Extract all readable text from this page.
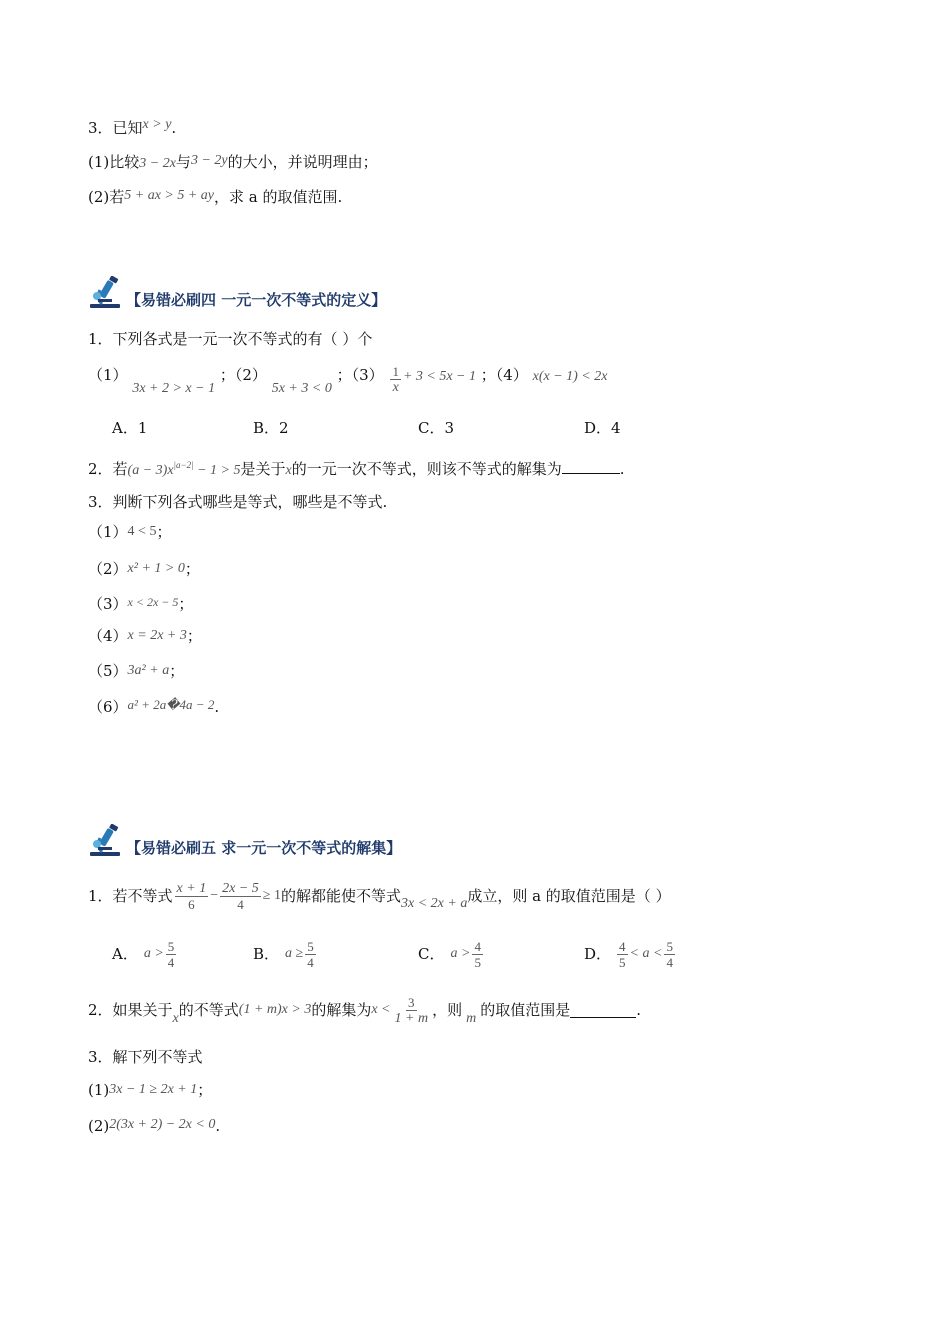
3．已知x > y.
(1)比较3 − 2x与3 − 2y的大小，并说明理由；
(2)若5 + ax > 5 + ay，求 a 的取值范围.
【易错必刷四 一元一次不等式的定义】
1．下列各式是一元一次不等式的有（ ）个
（1） 3x + 2 > x − 1 ；（2） 5x + 3 < 0 ；$(3) \frac{1}{x} + 3 < 5x - 1$ ；（4） x(x − 1) < 2x
A．1	B．2	C．3	D．4
2．若$(a - 3)x^{|a-2|} - 1 > 5$是关于x的一元一次不等式，则该不等式的解集为	.
3．判断下列各式哪些是等式，哪些是不等式.
（1）4 < 5；
（2）x² + 1 > 0；
$(3)^{x < 2x - 5}$；
（4）x = 2x + 3；
（5）3a² + a；
（6）a² + 2a�4a − 2.
【易错必刷五 求一元一次不等式的解集】
1．若不等式 $\frac{x + 1}{6} - \frac{2x - 5}{4} \ge 1$ 的解都能使不等式 3x < 2x + a 成立，则 a 的取值范围是（ ）
A． $a > \frac{5}{4}$	B． $a \ge \frac{5}{4}$	C． $a > \frac{4}{5}$	D． $\frac{4}{5} < a < \frac{5}{4}$
2．如果关于 x 的不等式 (1 + m)x > 3 的解集为 $x < \frac{3}{1 + m}$ ，则 m 的取值范围是	.
3．解下列不等式
(1)3x − 1 ≥ 2x + 1；
(2)2(3x + 2) − 2x < 0.
